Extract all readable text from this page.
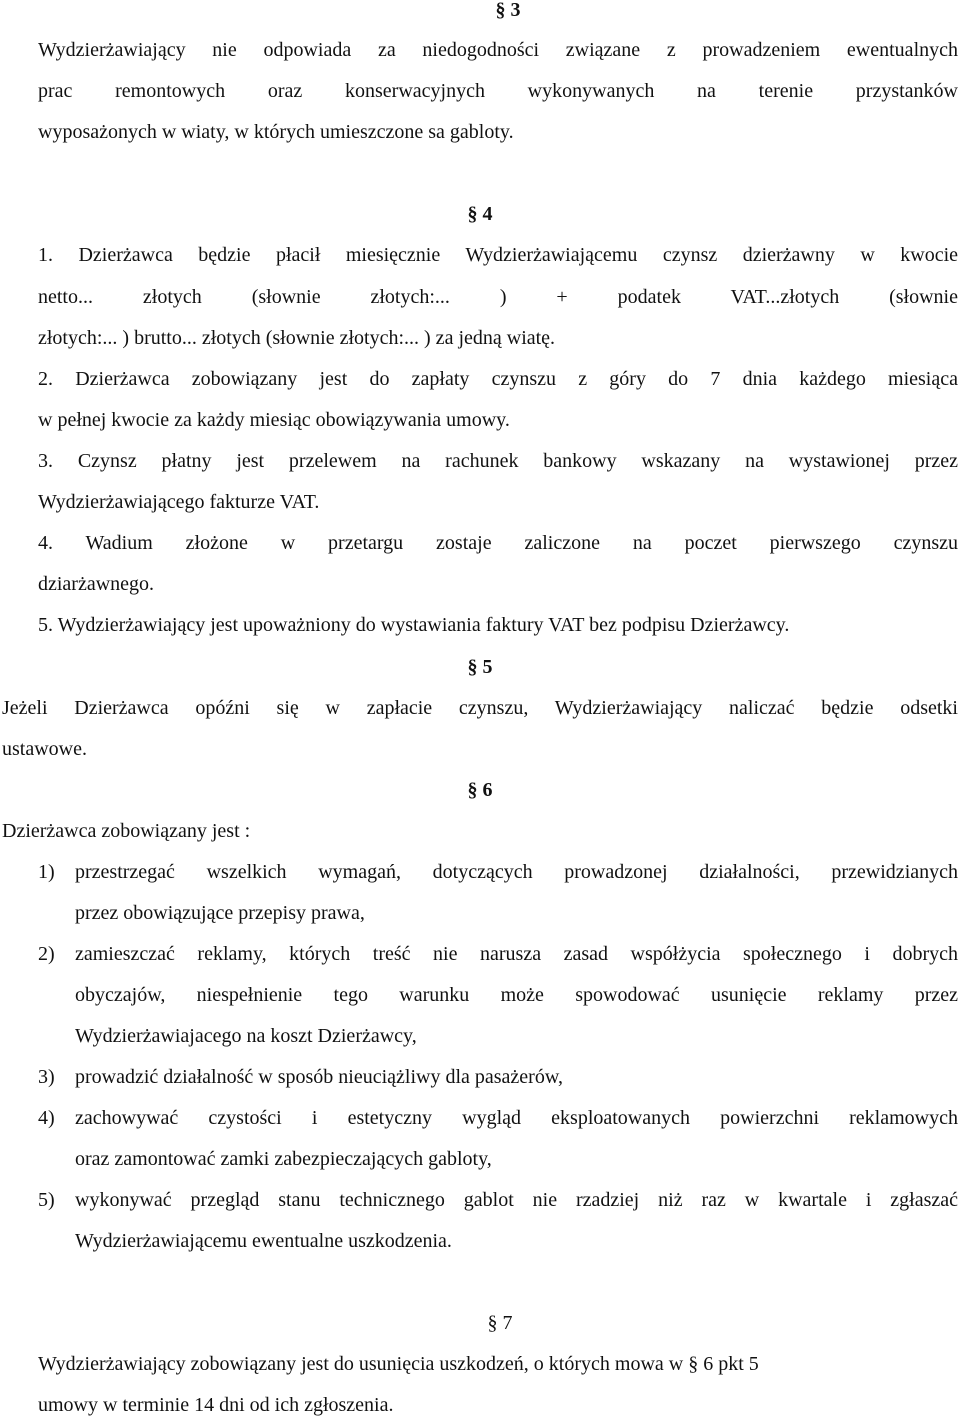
§ 3
Wydzierżawiający nie odpowiada za niedogodności związane z prowadzeniem ewentualnych
prac remontowych oraz konserwacyjnych wykonywanych na terenie przystanków
wyposażonych w wiaty, w których umieszczone sa gabloty.
§ 4
1. Dzierżawca będzie płacił miesięcznie Wydzierżawiającemu czynsz dzierżawny w kwocie
netto... złotych (słownie złotych:... ) + podatek VAT...złotych (słownie
złotych:... ) brutto... złotych (słownie złotych:... ) za jedną wiatę.
2. Dzierżawca zobowiązany jest do zapłaty czynszu z góry do 7 dnia każdego miesiąca
w pełnej kwocie za każdy miesiąc obowiązywania umowy.
3. Czynsz płatny jest przelewem na rachunek bankowy wskazany na wystawionej przez
Wydzierżawiającego fakturze VAT.
4. Wadium złożone w przetargu zostaje zaliczone na poczet pierwszego czynszu
dziarżawnego.
5. Wydzierżawiający jest upoważniony do wystawiania faktury VAT bez podpisu Dzierżawcy.
§ 5
Jeżeli Dzierżawca opóźni się w zapłacie czynszu, Wydzierżawiający naliczać będzie odsetki
ustawowe.
§ 6
Dzierżawca zobowiązany jest :
1) przestrzegać wszelkich wymagań, dotyczących prowadzonej działalności, przewidzianych
przez obowiązujące przepisy prawa,
2) zamieszczać reklamy, których treść nie narusza zasad współżycia społecznego i dobrych
obyczajów, niespełnienie tego warunku może spowodować usunięcie reklamy przez
Wydzierżawiajacego na koszt Dzierżawcy,
3) prowadzić działalność w sposób nieuciążliwy dla pasażerów,
4) zachowywać czystości i estetyczny wygląd eksploatowanych powierzchni reklamowych
oraz zamontować zamki zabezpieczających gabloty,
5) wykonywać przegląd stanu technicznego gablot nie rzadziej niż raz w kwartale i zgłaszać
Wydzierżawiającemu ewentualne uszkodzenia.
§ 7
Wydzierżawiający zobowiązany jest do usunięcia uszkodzeń, o których mowa w § 6 pkt 5
umowy w terminie 14 dni od ich zgłoszenia.
